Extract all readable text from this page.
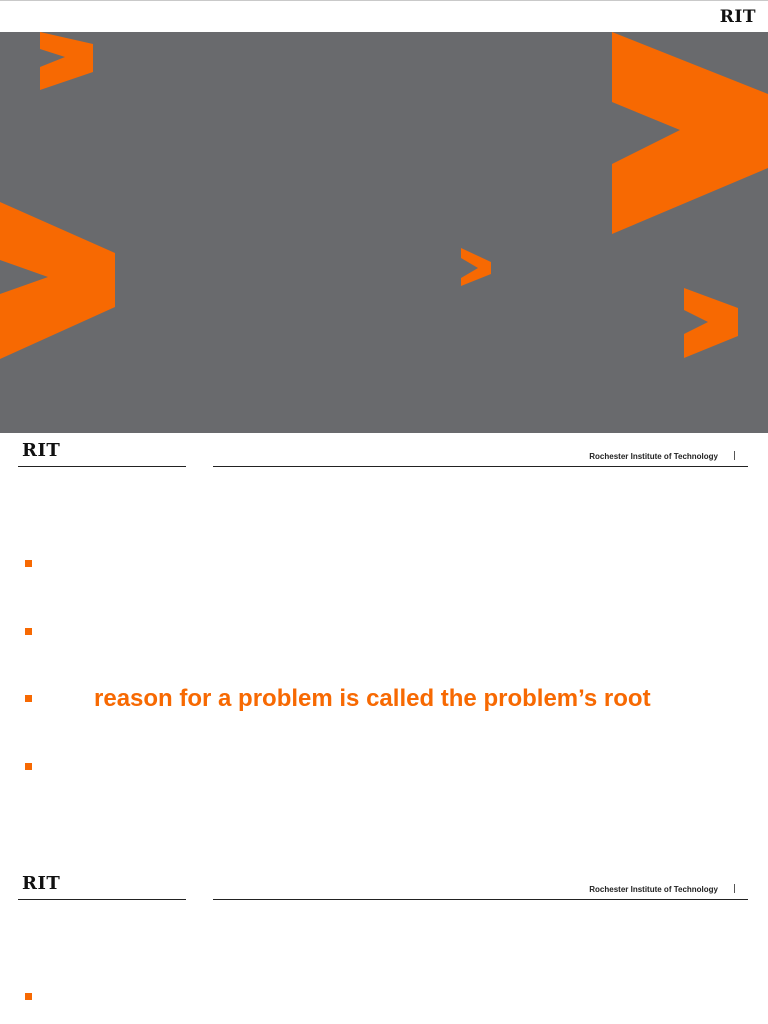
RIT
RIT	Rochester Institute of Technology
reason for a problem is called the problem’s root
RIT	Rochester Institute of Technology
